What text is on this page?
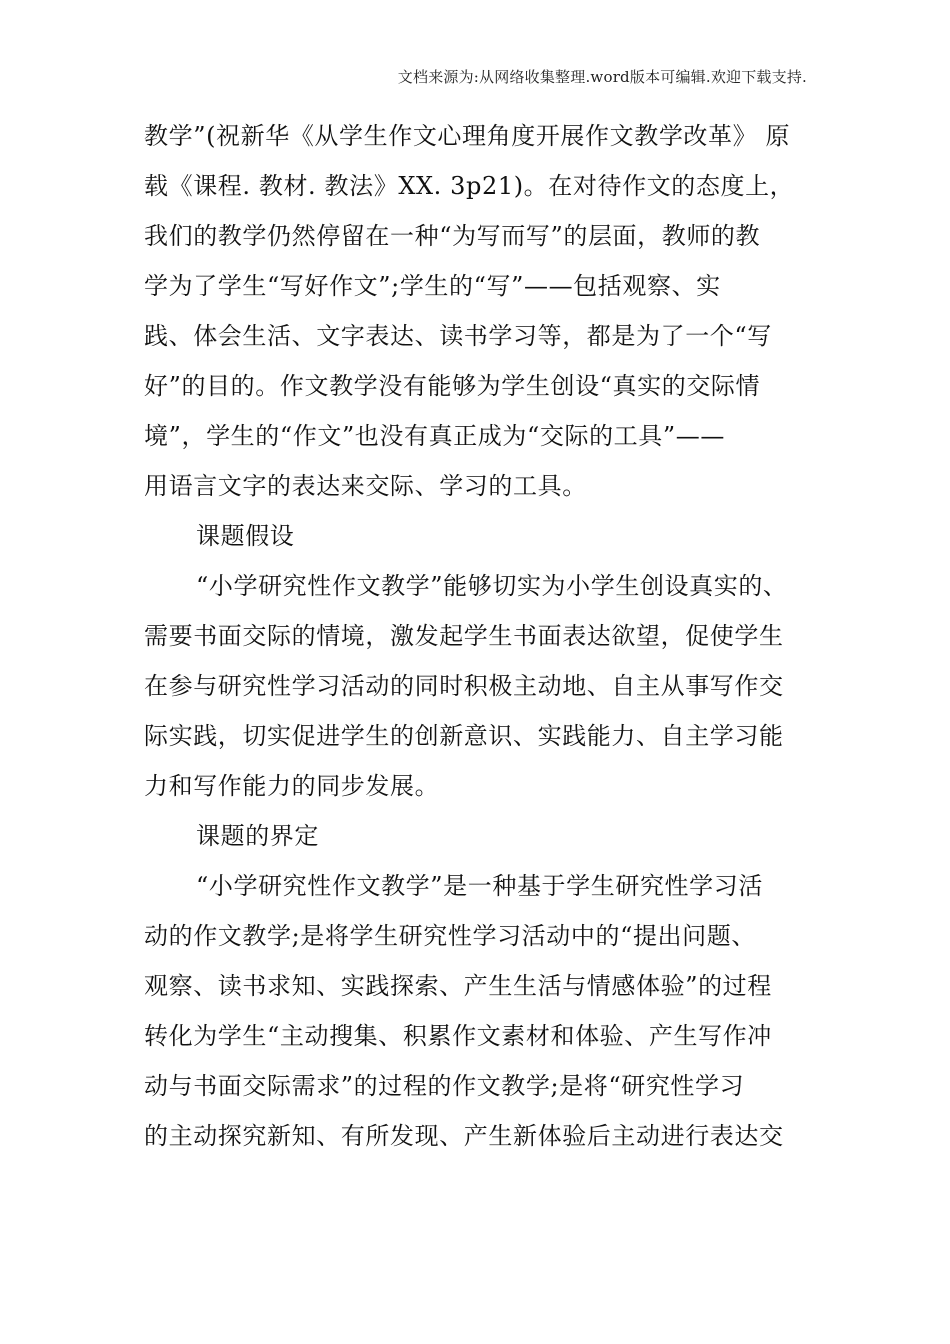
文档来源为:从网络收集整理.word版本可编辑.欢迎下载支持.
教学”(祝新华《从学生作文心理角度开展作文教学改革》 原
载《课程. 教材. 教法》XX. 3p21)。在对待作文的态度上，
我们的教学仍然停留在一种“为写而写”的层面，教师的教
学为了学生“写好作文”;学生的“写”——包括观察、实
践、体会生活、文字表达、读书学习等，都是为了一个“写
好”的目的。作文教学没有能够为学生创设“真实的交际情
境”，学生的“作文”也没有真正成为“交际的工具”——
用语言文字的表达来交际、学习的工具。
课题假设
“小学研究性作文教学”能够切实为小学生创设真实的、
需要书面交际的情境，激发起学生书面表达欲望，促使学生
在参与研究性学习活动的同时积极主动地、自主从事写作交
际实践，切实促进学生的创新意识、实践能力、自主学习能
力和写作能力的同步发展。
课题的界定
“小学研究性作文教学”是一种基于学生研究性学习活
动的作文教学;是将学生研究性学习活动中的“提出问题、
观察、读书求知、实践探索、产生生活与情感体验”的过程
转化为学生“主动搜集、积累作文素材和体验、产生写作冲
动与书面交际需求”的过程的作文教学;是将“研究性学习
的主动探究新知、有所发现、产生新体验后主动进行表达交
